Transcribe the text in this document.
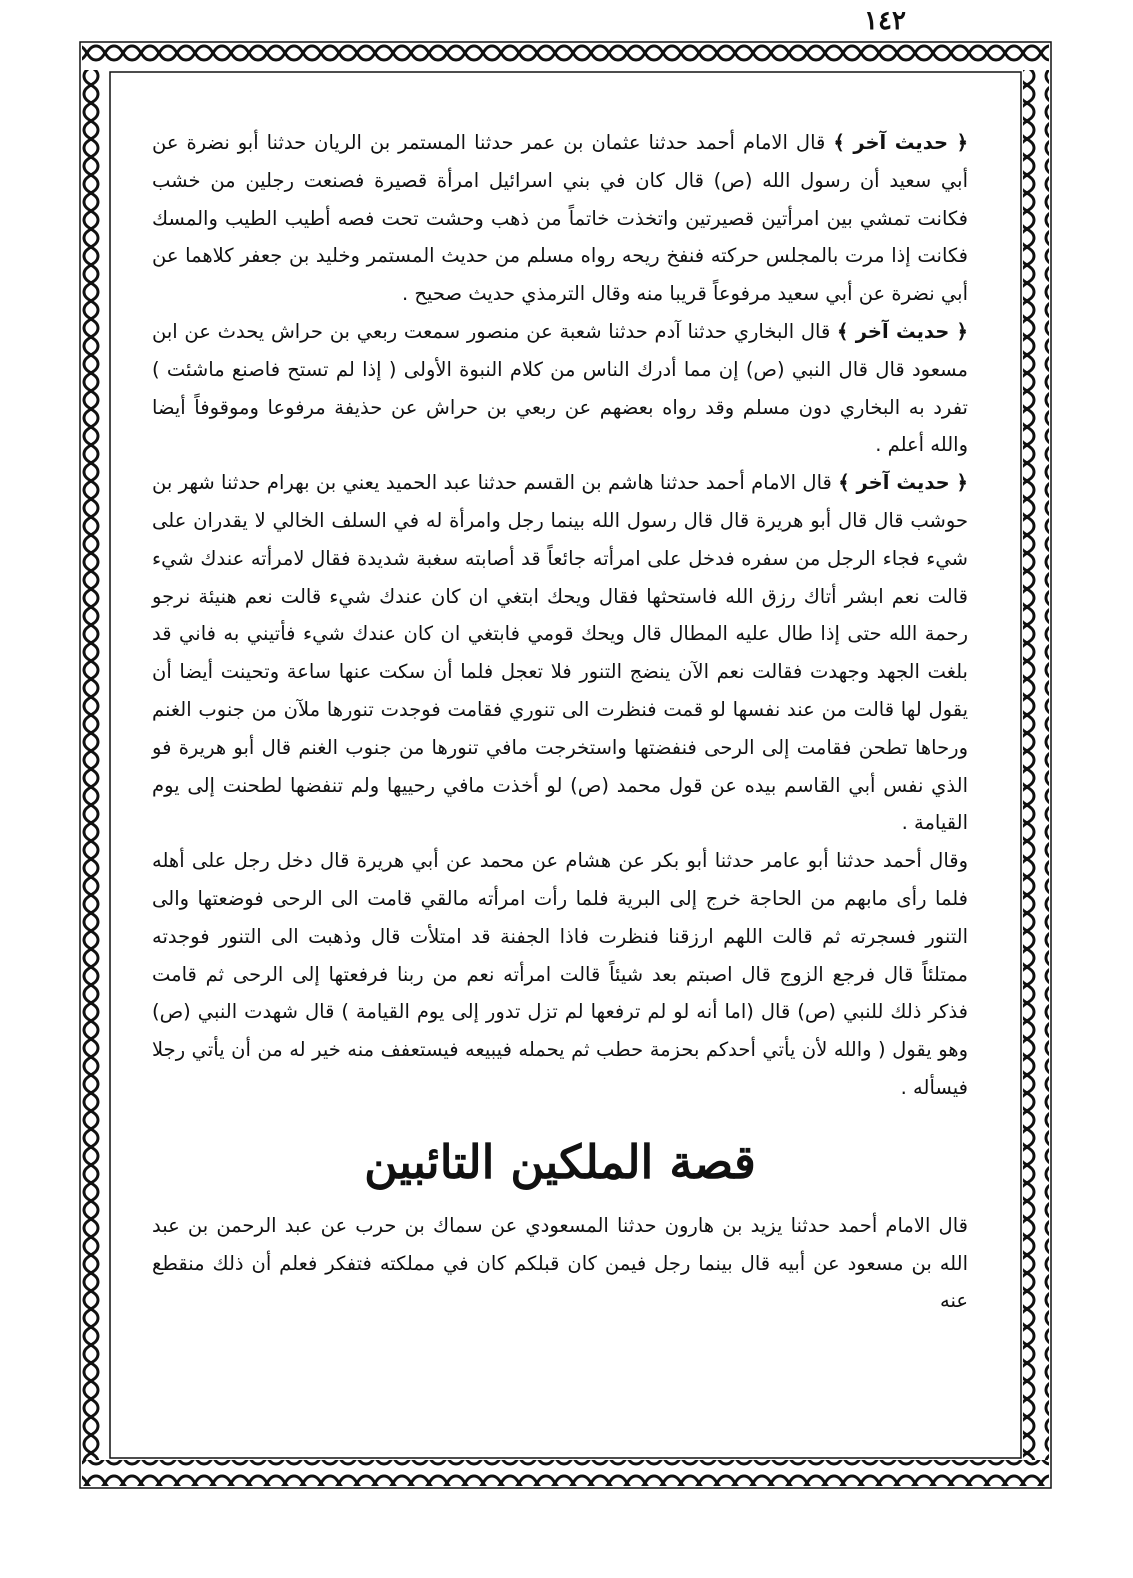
١٤٢

﴿ حديث آخر ﴾ قال الامام أحمد حدثنا عثمان بن عمر حدثنا المستمر بن الريان حدثنا أبو نضرة عن أبي سعيد أن رسول الله (ص) قال كان في بني اسرائيل امرأة قصيرة فصنعت رجلين من خشب فكانت تمشي بين امرأتين قصيرتين واتخذت خاتماً من ذهب وحشت تحت فصه أطيب الطيب والمسك فكانت إذا مرت بالمجلس حركته فنفخ ريحه رواه مسلم من حديث المستمر وخليد بن جعفر كلاهما عن أبي نضرة عن أبي سعيد مرفوعاً قريبا منه وقال الترمذي حديث صحيح .

﴿ حديث آخر ﴾ قال البخاري حدثنا آدم حدثنا شعبة عن منصور سمعت ربعي بن حراش يحدث عن ابن مسعود قال قال النبي (ص) إن مما أدرك الناس من كلام النبوة الأولى ( إذا لم تستح فاصنع ماشئت ) تفرد به البخاري دون مسلم وقد رواه بعضهم عن ربعي بن حراش عن حذيفة مرفوعا وموقوفاً أيضا والله أعلم .

﴿ حديث آخر ﴾ قال الامام أحمد حدثنا هاشم بن القسم حدثنا عبد الحميد يعني بن بهرام حدثنا شهر بن حوشب قال قال أبو هريرة قال قال رسول الله بينما رجل وامرأة له في السلف الخالي لا يقدران على شيء فجاء الرجل من سفره فدخل على امرأته جائعاً قد أصابته سغبة شديدة فقال لامرأته عندك شيء قالت نعم ابشر أتاك رزق الله فاستحثها فقال ويحك ابتغي ان كان عندك شيء قالت نعم هنيئة نرجو رحمة الله حتى إذا طال عليه المطال قال ويحك قومي فابتغي ان كان عندك شيء فأتيني به فاني قد بلغت الجهد وجهدت فقالت نعم الآن ينضج التنور فلا تعجل فلما أن سكت عنها ساعة وتحينت أيضا أن يقول لها قالت من عند نفسها لو قمت فنظرت الى تنوري فقامت فوجدت تنورها ملآن من جنوب الغنم ورحاها تطحن فقامت إلى الرحى فنفضتها واستخرجت مافي تنورها من جنوب الغنم قال أبو هريرة فو الذي نفس أبي القاسم بيده عن قول محمد (ص) لو أخذت مافي رحييها ولم تنفضها لطحنت إلى يوم القيامة .

وقال أحمد حدثنا أبو عامر حدثنا أبو بكر عن هشام عن محمد عن أبي هريرة قال دخل رجل على أهله فلما رأى مابهم من الحاجة خرج إلى البرية فلما رأت امرأته مالقي قامت الى الرحى فوضعتها والى التنور فسجرته ثم قالت اللهم ارزقنا فنظرت فاذا الجفنة قد امتلأت قال وذهبت الى التنور فوجدته ممتلئاً قال فرجع الزوج قال اصبتم بعد شيئاً قالت امرأته نعم من ربنا فرفعتها إلى الرحى ثم قامت فذكر ذلك للنبي (ص) قال (اما أنه لو لم ترفعها لم تزل تدور إلى يوم القيامة ) قال شهدت النبي (ص) وهو يقول ( والله لأن يأتي أحدكم بحزمة حطب ثم يحمله فيبيعه فيستعفف منه خير له من أن يأتي رجلا فيسأله .

قصة الملكين التائبين

قال الامام أحمد حدثنا يزيد بن هارون حدثنا المسعودي عن سماك بن حرب عن عبد الرحمن بن عبد الله بن مسعود عن أبيه قال بينما رجل فيمن كان قبلكم كان في مملكته فتفكر فعلم أن ذلك منقطع عنه
